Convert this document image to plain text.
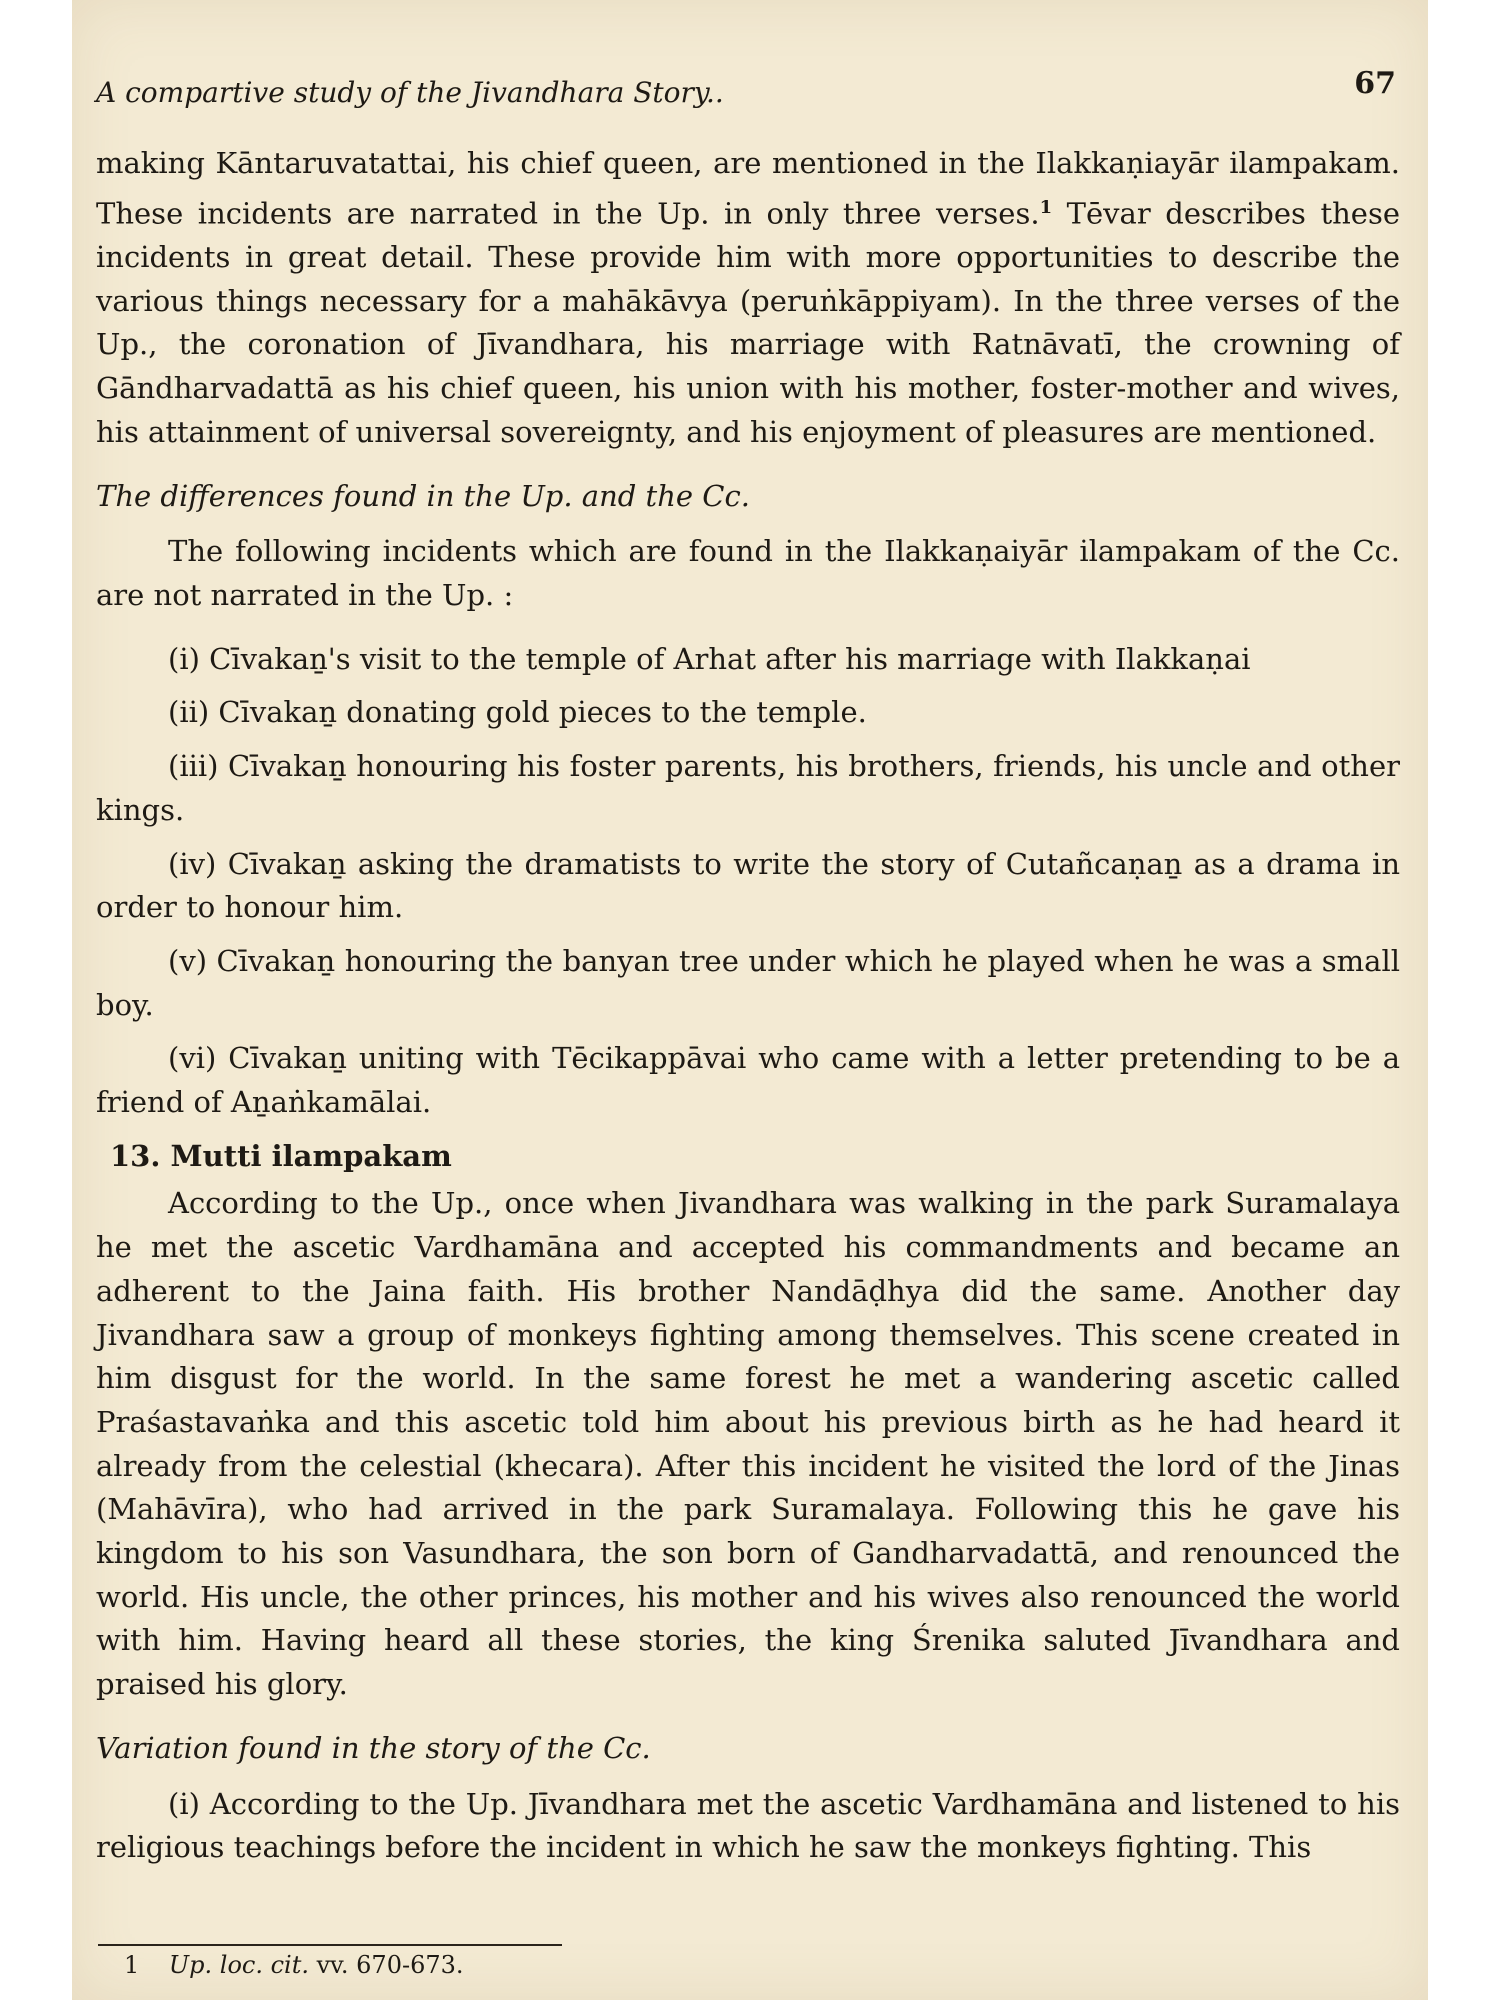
A compartive study of the Jivandhara Story..	67

making Kāntaruvatattai, his chief queen, are mentioned in the Ilakkaṇiayār ilampakam. These incidents are narrated in the Up. in only three verses.$^1$ Tēvar describes these incidents in great detail. These provide him with more opportunities to describe the various things necessary for a mahākāvya (peruṅkāppiyam). In the three verses of the Up., the coronation of Jīvandhara, his marriage with Ratnāvatī, the crowning of Gāndharvadattā as his chief queen, his union with his mother, foster-mother and wives, his attainment of universal sovereignty, and his enjoyment of pleasures are mentioned.

The differences found in the Up. and the Cc.

The following incidents which are found in the Ilakkaṇaiyār ilampakam of the Cc. are not narrated in the Up. :

(i) Cīvakaṉ's visit to the temple of Arhat after his marriage with Ilakkaṇai

(ii) Cīvakaṉ donating gold pieces to the temple.

(iii) Cīvakaṉ honouring his foster parents, his brothers, friends, his uncle and other kings.

(iv) Cīvakaṉ asking the dramatists to write the story of Cutañcaṇaṉ as a drama in order to honour him.

(v) Cīvakaṉ honouring the banyan tree under which he played when he was a small boy.

(vi) Cīvakaṉ uniting with Tēcikappāvai who came with a letter pretending to be a friend of Aṉaṅkamālai.

13. Mutti ilampakam

According to the Up., once when Jivandhara was walking in the park Suramalaya he met the ascetic Vardhamāna and accepted his commandments and became an adherent to the Jaina faith. His brother Nandāḍhya did the same. Another day Jivandhara saw a group of monkeys fighting among themselves. This scene created in him disgust for the world. In the same forest he met a wandering ascetic called Praśastavaṅka and this ascetic told him about his previous birth as he had heard it already from the celestial (khecara). After this incident he visited the lord of the Jinas (Mahāvīra), who had arrived in the park Suramalaya. Following this he gave his kingdom to his son Vasundhara, the son born of Gandharvadattā, and renounced the world. His uncle, the other princes, his mother and his wives also renounced the world with him. Having heard all these stories, the king Śrenika saluted Jīvandhara and praised his glory.

Variation found in the story of the Cc.

(i) According to the Up. Jīvandhara met the ascetic Vardhamāna and listened to his religious teachings before the incident in which he saw the monkeys fighting. This

1 Up. loc. cit. vv. 670-673.
